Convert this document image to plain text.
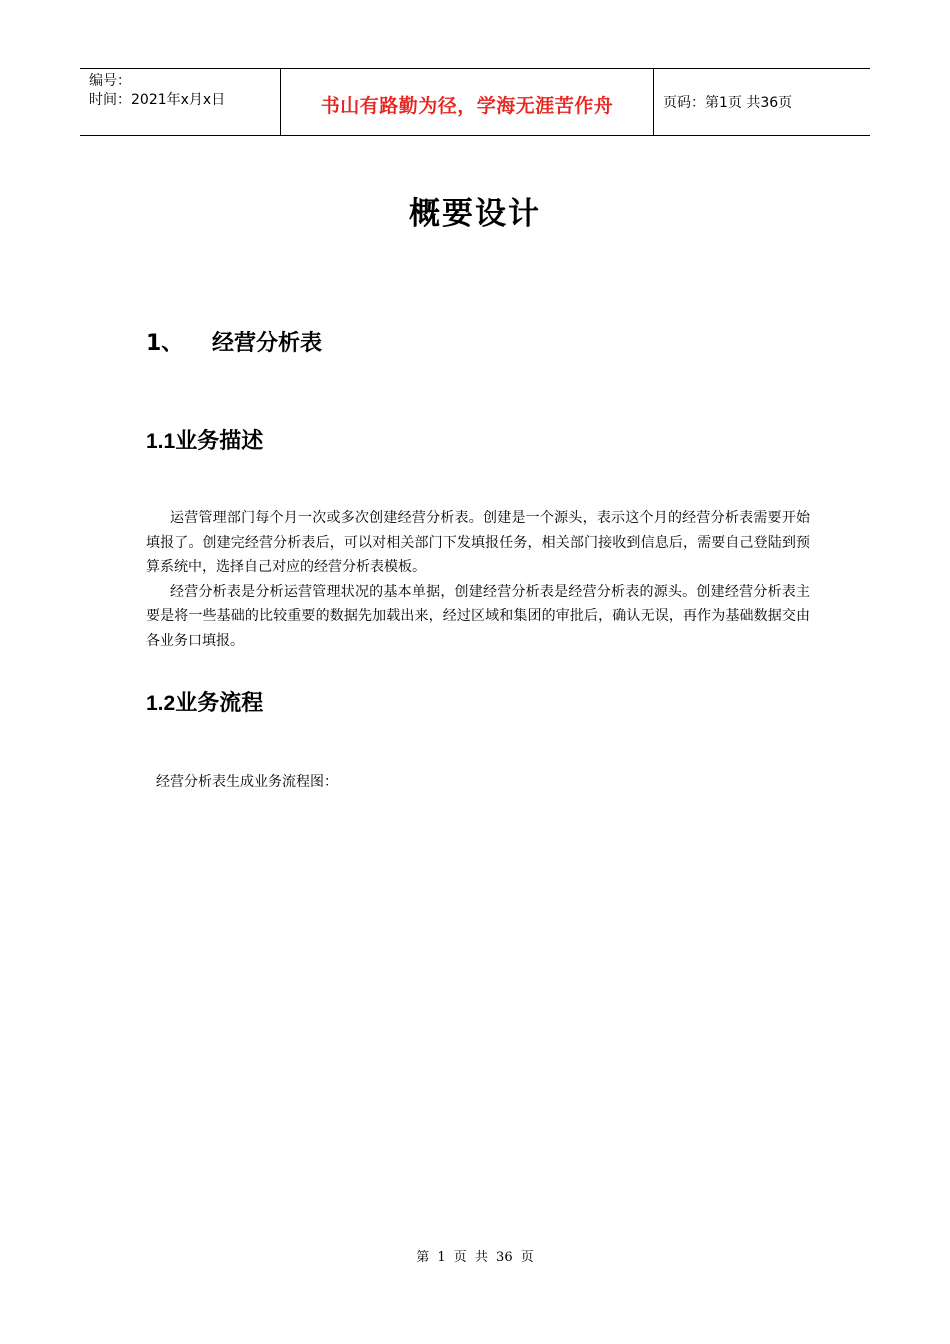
编号：
时间：2021年x月x日	书山有路勤为径，学海无涯苦作舟	页码：第1页 共36页
概要设计
1、	经营分析表
1.1业务描述

运营管理部门每个月一次或多次创建经营分析表。创建是一个源头，表示这个月的经营分析表需要开始填报了。创建完经营分析表后，可以对相关部门下发填报任务，相关部门接收到信息后，需要自己登陆到预算系统中，选择自己对应的经营分析表模板。

经营分析表是分析运营管理状况的基本单据，创建经营分析表是经营分析表的源头。创建经营分析表主要是将一些基础的比较重要的数据先加载出来，经过区域和集团的审批后，确认无误，再作为基础数据交由各业务口填报。

1.2业务流程
经营分析表生成业务流程图：
第 1 页 共 36 页
